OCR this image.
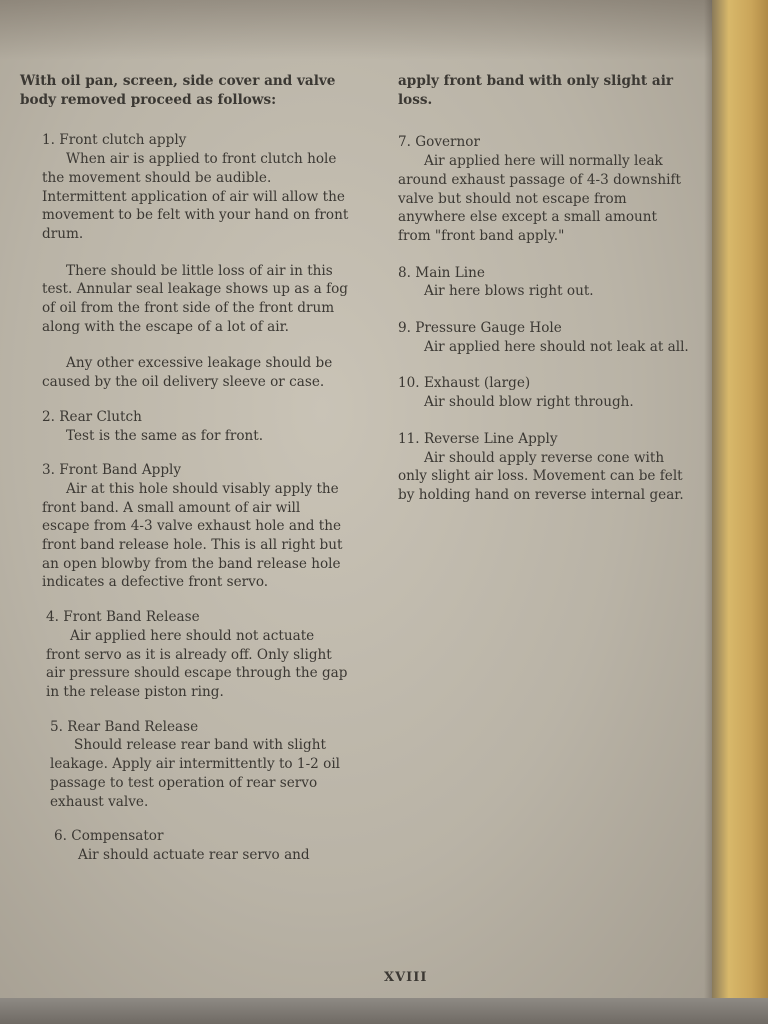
With oil pan, screen, side cover and valve body removed proceed as follows:

1. Front clutch apply

When air is applied to front clutch hole the movement should be audible. Intermittent application of air will allow the movement to be felt with your hand on front drum.

There should be little loss of air in this test. Annular seal leakage shows up as a fog of oil from the front side of the front drum along with the escape of a lot of air.

Any other excessive leakage should be caused by the oil delivery sleeve or case.

2. Rear Clutch

Test is the same as for front.

3. Front Band Apply

Air at this hole should visably apply the front band. A small amount of air will escape from 4-3 valve exhaust hole and the front band release hole. This is all right but an open blowby from the band release hole indicates a defective front servo.

4. Front Band Release

Air applied here should not actuate front servo as it is already off. Only slight air pressure should escape through the gap in the release piston ring.

5. Rear Band Release

Should release rear band with slight leakage. Apply air intermittently to 1-2 oil passage to test operation of rear servo exhaust valve.

6. Compensator

Air should actuate rear servo and

apply front band with only slight air loss.

7. Governor

Air applied here will normally leak around exhaust passage of 4-3 downshift valve but should not escape from anywhere else except a small amount from "front band apply."

8. Main Line

Air here blows right out.

9. Pressure Gauge Hole

Air applied here should not leak at all.

10. Exhaust (large)

Air should blow right through.

11. Reverse Line Apply

Air should apply reverse cone with only slight air loss. Movement can be felt by holding hand on reverse internal gear.

XVIII
